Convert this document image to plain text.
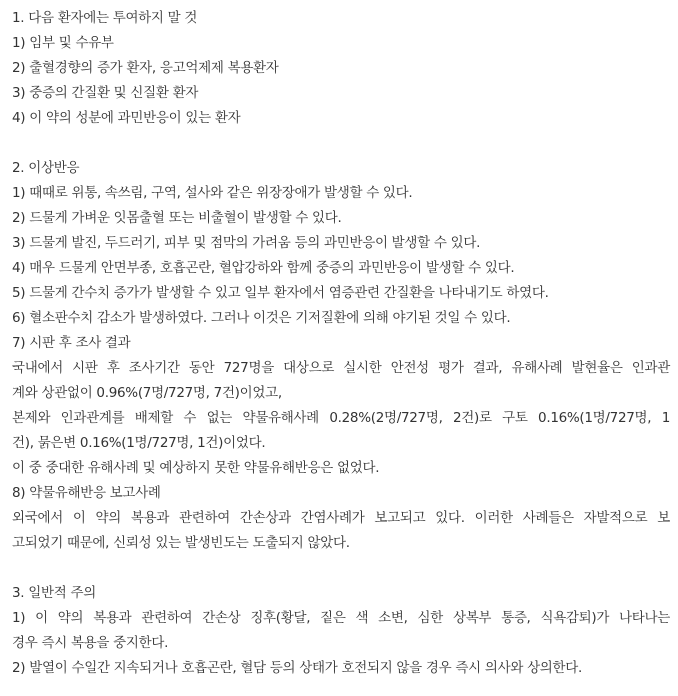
1. 다음 환자에는 투여하지 말 것
1) 임부 및 수유부
2) 출혈경향의 증가 환자, 응고억제제 복용환자
3) 중증의 간질환 및 신질환 환자
4) 이 약의 성분에 과민반응이 있는 환자
2. 이상반응
1) 때때로 위통, 속쓰림, 구역, 설사와 같은 위장장애가 발생할 수 있다.
2) 드물게 가벼운 잇몸출혈 또는 비출혈이 발생할 수 있다.
3) 드물게 발진, 두드러기, 피부 및 점막의 가려움 등의 과민반응이 발생할 수 있다.
4) 매우 드물게 안면부종, 호흡곤란, 혈압강하와 함께 중증의 과민반응이 발생할 수 있다.
5) 드물게 간수치 증가가 발생할 수 있고 일부 환자에서 염증관련 간질환을 나타내기도 하였다.
6) 혈소판수치 감소가 발생하였다. 그러나 이것은 기저질환에 의해 야기된 것일 수 있다.
7) 시판 후 조사 결과
국내에서 시판 후 조사기간 동안 727명을 대상으로 실시한 안전성 평가 결과, 유해사례 발현율은 인과관
계와 상관없이 0.96%(7명/727명, 7건)이었고,
본제와 인과관계를 배제할 수 없는 약물유해사례 0.28%(2명/727명, 2건)로 구토 0.16%(1명/727명, 1
건), 묽은변 0.16%(1명/727명, 1건)이었다.
이 중 중대한 유해사례 및 예상하지 못한 약물유해반응은 없었다.
8) 약물유해반응 보고사례
외국에서 이 약의 복용과 관련하여 간손상과 간염사례가 보고되고 있다. 이러한 사례들은 자발적으로 보
고되었기 때문에, 신뢰성 있는 발생빈도는 도출되지 않았다.
3. 일반적 주의
1) 이 약의 복용과 관련하여 간손상 징후(황달, 짙은 색 소변, 심한 상복부 통증, 식욕감퇴)가 나타나는
경우 즉시 복용을 중지한다.
2) 발열이 수일간 지속되거나 호흡곤란, 혈담 등의 상태가 호전되지 않을 경우 즉시 의사와 상의한다.
